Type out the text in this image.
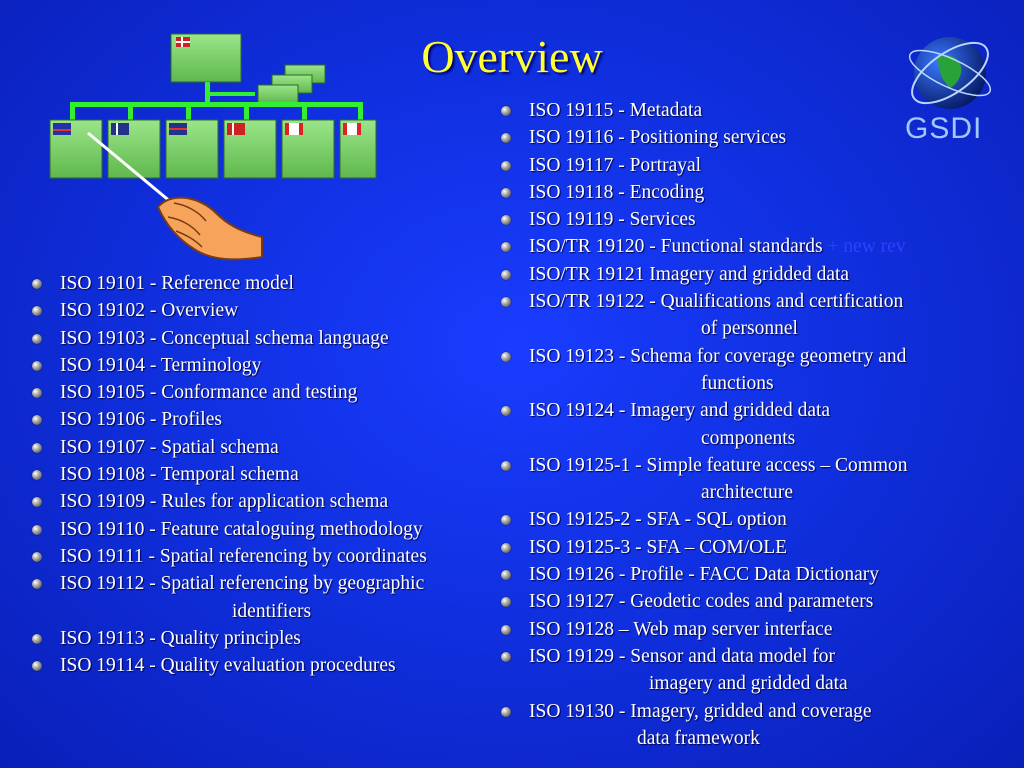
Overview
GSDI
ISO 19101 - Reference model
ISO 19102 - Overview
ISO 19103 - Conceptual schema language
ISO 19104 - Terminology
ISO 19105 - Conformance and testing
ISO 19106 - Profiles
ISO 19107 - Spatial schema
ISO 19108 - Temporal schema
ISO 19109 - Rules for application schema
ISO 19110 - Feature cataloguing methodology
ISO 19111 - Spatial referencing by coordinates
ISO 19112 - Spatial referencing by geographic
identifiers
ISO 19113 - Quality principles
ISO 19114 - Quality evaluation procedures
ISO 19115 - Metadata
ISO 19116 - Positioning services
ISO 19117 - Portrayal
ISO 19118 - Encoding
ISO 19119 - Services
ISO/TR 19120 - Functional standards + new rev
ISO/TR 19121 Imagery and gridded data
ISO/TR 19122 - Qualifications and certification
of personnel
ISO 19123 - Schema for coverage geometry and
functions
ISO 19124 - Imagery and gridded data
components
ISO 19125-1 - Simple feature access – Common
architecture
ISO 19125-2 - SFA - SQL option
ISO 19125-3 - SFA – COM/OLE
ISO 19126 - Profile - FACC Data Dictionary
ISO 19127 - Geodetic codes and parameters
ISO 19128 – Web map server interface
ISO 19129 - Sensor and data model for
imagery and gridded data
ISO 19130 - Imagery, gridded and coverage
data framework
